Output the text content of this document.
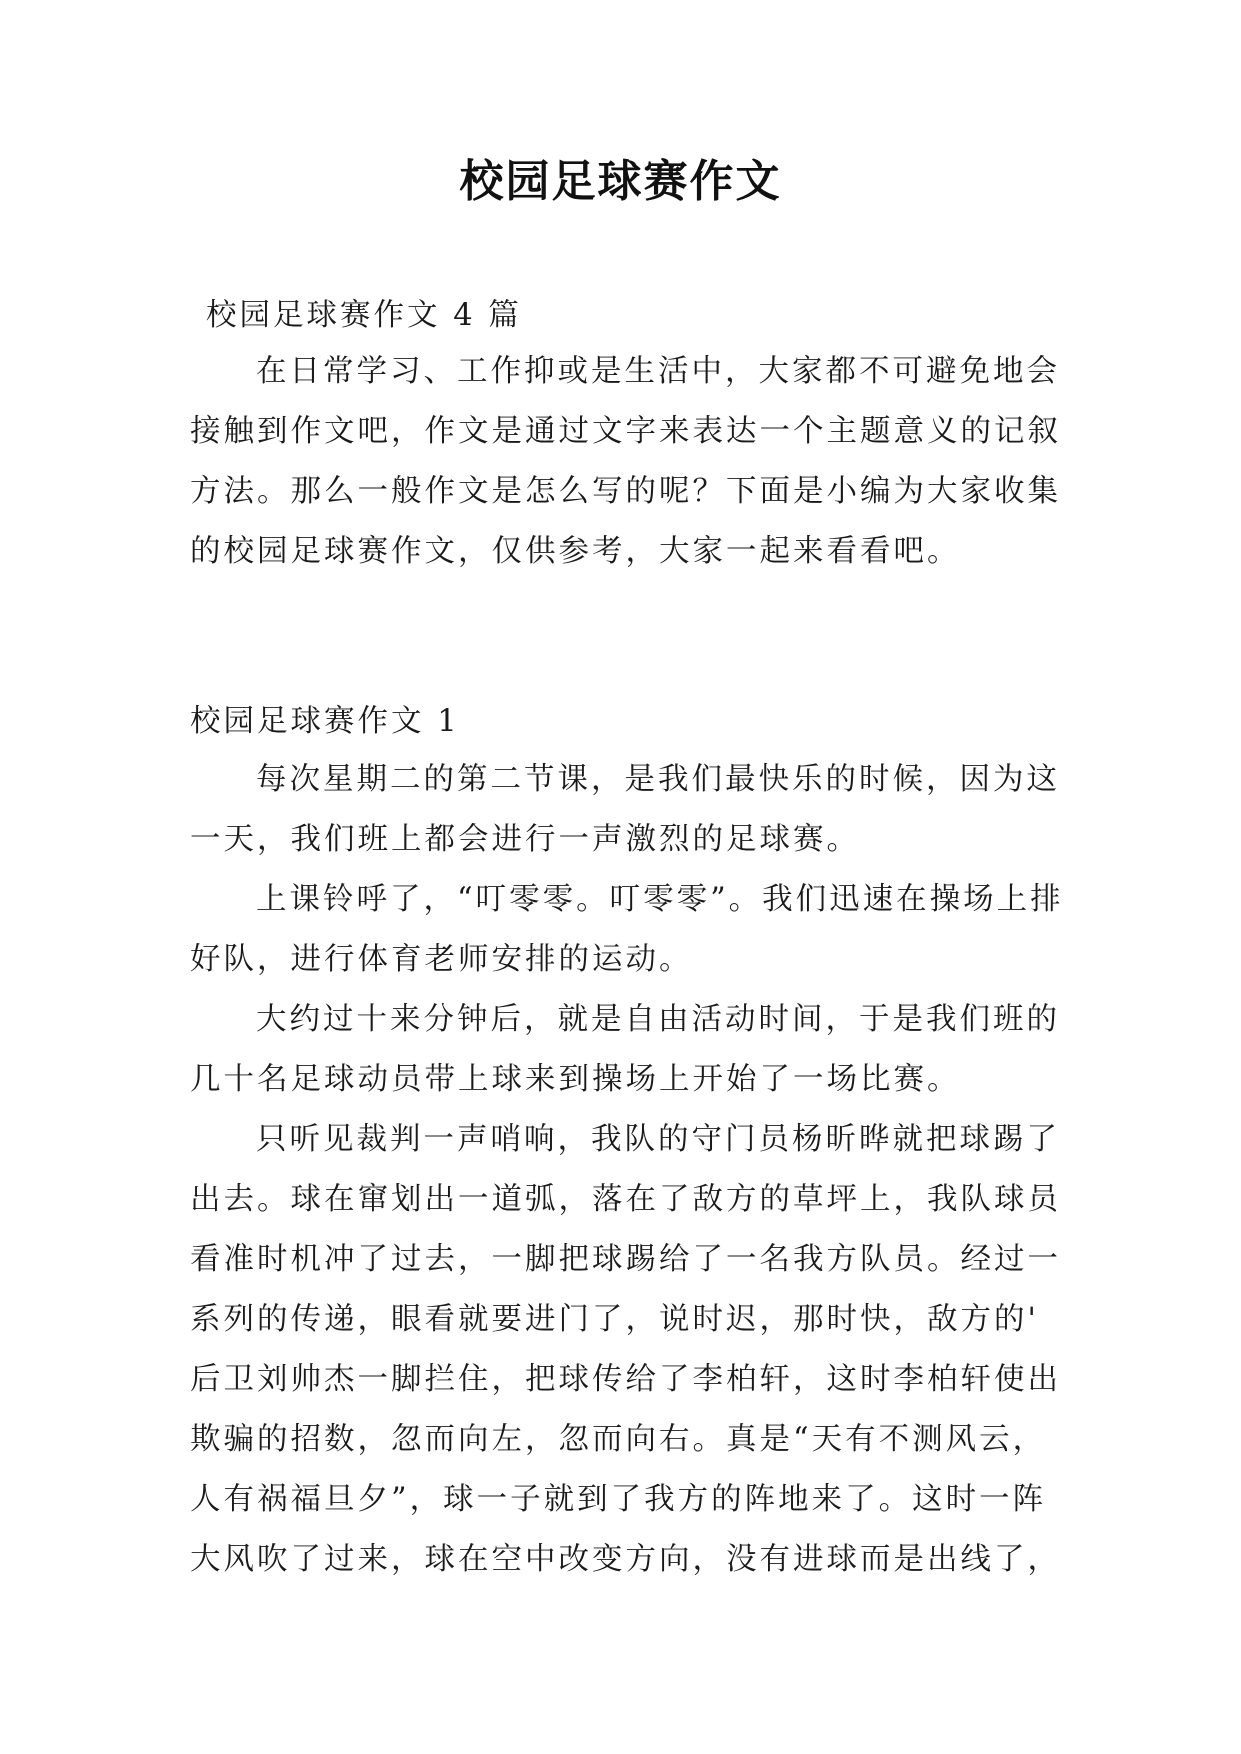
校园足球赛作文
校园足球赛作文 4 篇
在日常学习、工作抑或是生活中，大家都不可避免地会
接触到作文吧，作文是通过文字来表达一个主题意义的记叙
方法。那么一般作文是怎么写的呢？下面是小编为大家收集
的校园足球赛作文，仅供参考，大家一起来看看吧。
校园足球赛作文 1
每次星期二的第二节课，是我们最快乐的时候，因为这
一天，我们班上都会进行一声激烈的足球赛。
上课铃呼了，“叮零零。叮零零”。我们迅速在操场上排
好队，进行体育老师安排的运动。
大约过十来分钟后，就是自由活动时间，于是我们班的
几十名足球动员带上球来到操场上开始了一场比赛。
只听见裁判一声哨响，我队的守门员杨昕晔就把球踢了
出去。球在窜划出一道弧，落在了敌方的草坪上，我队球员
看准时机冲了过去，一脚把球踢给了一名我方队员。经过一
系列的传递，眼看就要进门了，说时迟，那时快，敌方的'
后卫刘帅杰一脚拦住，把球传给了李柏轩，这时李柏轩使出
欺骗的招数，忽而向左，忽而向右。真是“天有不测风云，
人有祸福旦夕”，球一子就到了我方的阵地来了。这时一阵
大风吹了过来，球在空中改变方向，没有进球而是出线了，
